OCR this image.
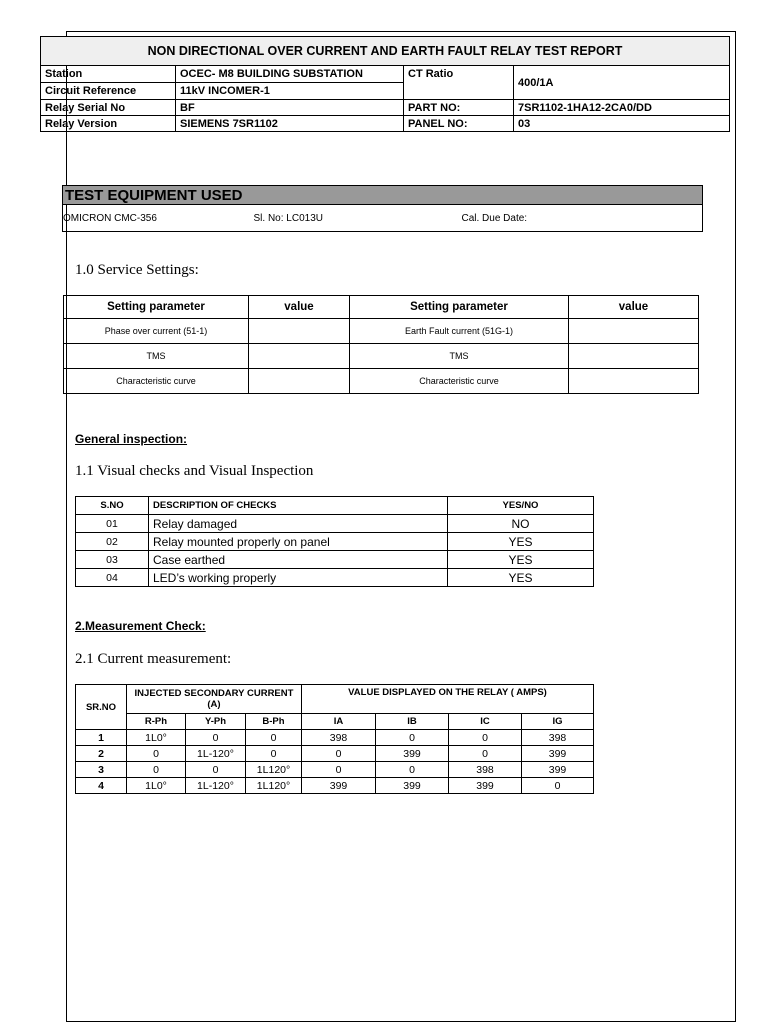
NON DIRECTIONAL OVER CURRENT AND EARTH FAULT RELAY TEST REPORT			
Station	OCEC- M8 BUILDING SUBSTATION	CT Ratio	400/1A
Circuit Reference	11kV INCOMER-1		
Relay Serial No	BF	PART NO:	7SR1102-1HA12-2CA0/DD
Relay Version	SIEMENS 7SR1102	PANEL NO:	03
TEST EQUIPMENT USED
OMICRON CMC-356	Sl. No: LC013U	Cal. Due Date:
1.0 Service Settings:
Setting parameter	value	Setting parameter	value
Phase over current (51-1)		Earth Fault current (51G-1)	
TMS		TMS	
Characteristic curve		Characteristic curve	
General inspection:
1.1 Visual checks and Visual Inspection
S.NO	DESCRIPTION OF CHECKS	YES/NO
01	Relay damaged	NO
02	Relay mounted properly on panel	YES
03	Case earthed	YES
04	LED’s working properly	YES
2.Measurement Check:
2.1 Current measurement:
SR.NO	INJECTED SECONDARY CURRENT (A)			VALUE DISPLAYED ON THE RELAY ( AMPS)			
	R-Ph	Y-Ph	B-Ph	IA	IB	IC	IG
1	1L0°	0	0	398	0	0	398
2	0	1L-120°	0	0	399	0	399
3	0	0	1L120°	0	0	398	399
4	1L0°	1L-120°	1L120°	399	399	399	0
